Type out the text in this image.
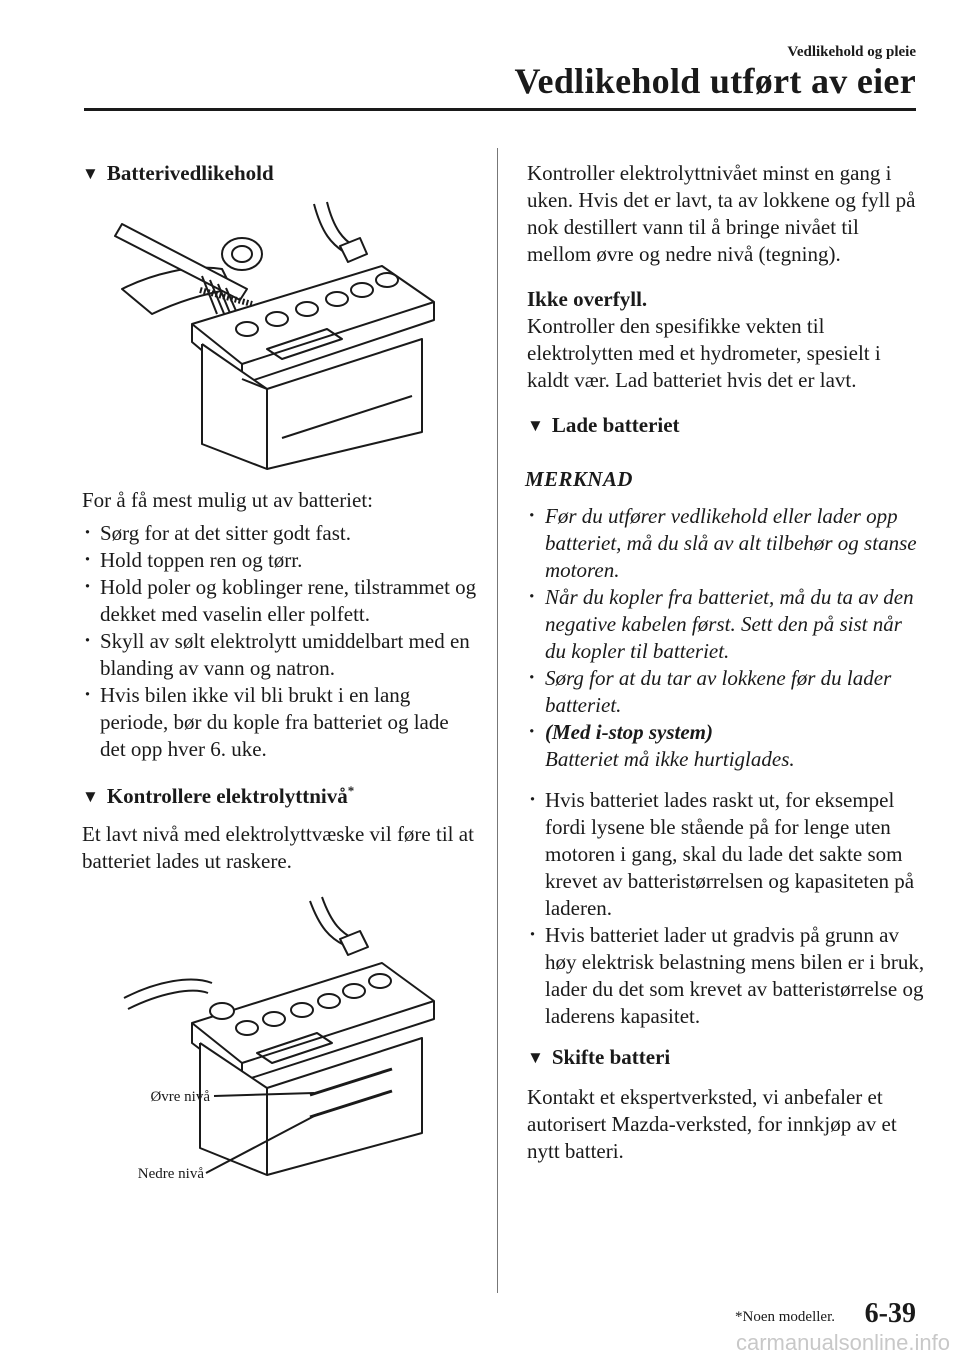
Vedlikehold og pleie
Vedlikehold utført av eier
▼ Batterivedlikehold

For å få mest mulig ut av batteriet:

· Sørg for at det sitter godt fast.
· Hold toppen ren og tørr.
· Hold poler og koblinger rene, tilstrammet og dekket med vaselin eller polfett.
· Skyll av sølt elektrolytt umiddelbart med en blanding av vann og natron.
· Hvis bilen ikke vil bli brukt i en lang periode, bør du kople fra batteriet og lade det opp hver 6. uke.
▼ Kontrollere elektrolyttnivå*

Et lavt nivå med elektrolyttvæske vil føre til at batteriet lades ut raskere.

Øvre nivå
Nedre nivå

Kontroller elektrolyttnivået minst en gang i uken. Hvis det er lavt, ta av lokkene og fyll på nok destillert vann til å bringe nivået til mellom øvre og nedre nivå (tegning).

Ikke overfyll.

Kontroller den spesifikke vekten til elektrolytten med et hydrometer, spesielt i kaldt vær. Lad batteriet hvis det er lavt.

▼ Lade batteriet

MERKNAD

· Før du utfører vedlikehold eller lader opp batteriet, må du slå av alt tilbehør og stanse motoren.
· Når du kopler fra batteriet, må du ta av den negative kabelen først. Sett den på sist når du kopler til batteriet.
· Sørg for at du tar av lokkene før du lader batteriet.
· (Med i-stop system)
Batteriet må ikke hurtiglades.
· Hvis batteriet lades raskt ut, for eksempel fordi lysene ble stående på for lenge uten motoren i gang, skal du lade det sakte som krevet av batteristørrelsen og kapasiteten på laderen.
· Hvis batteriet lader ut gradvis på grunn av høy elektrisk belastning mens bilen er i bruk, lader du det som krevet av batteristørrelse og laderens kapasitet.
▼ Skifte batteri

Kontakt et ekspertverksted, vi anbefaler et autorisert Mazda-verksted, for innkjøp av et nytt batteri.

*Noen modeller. 6-39
carmanualsonline.info
